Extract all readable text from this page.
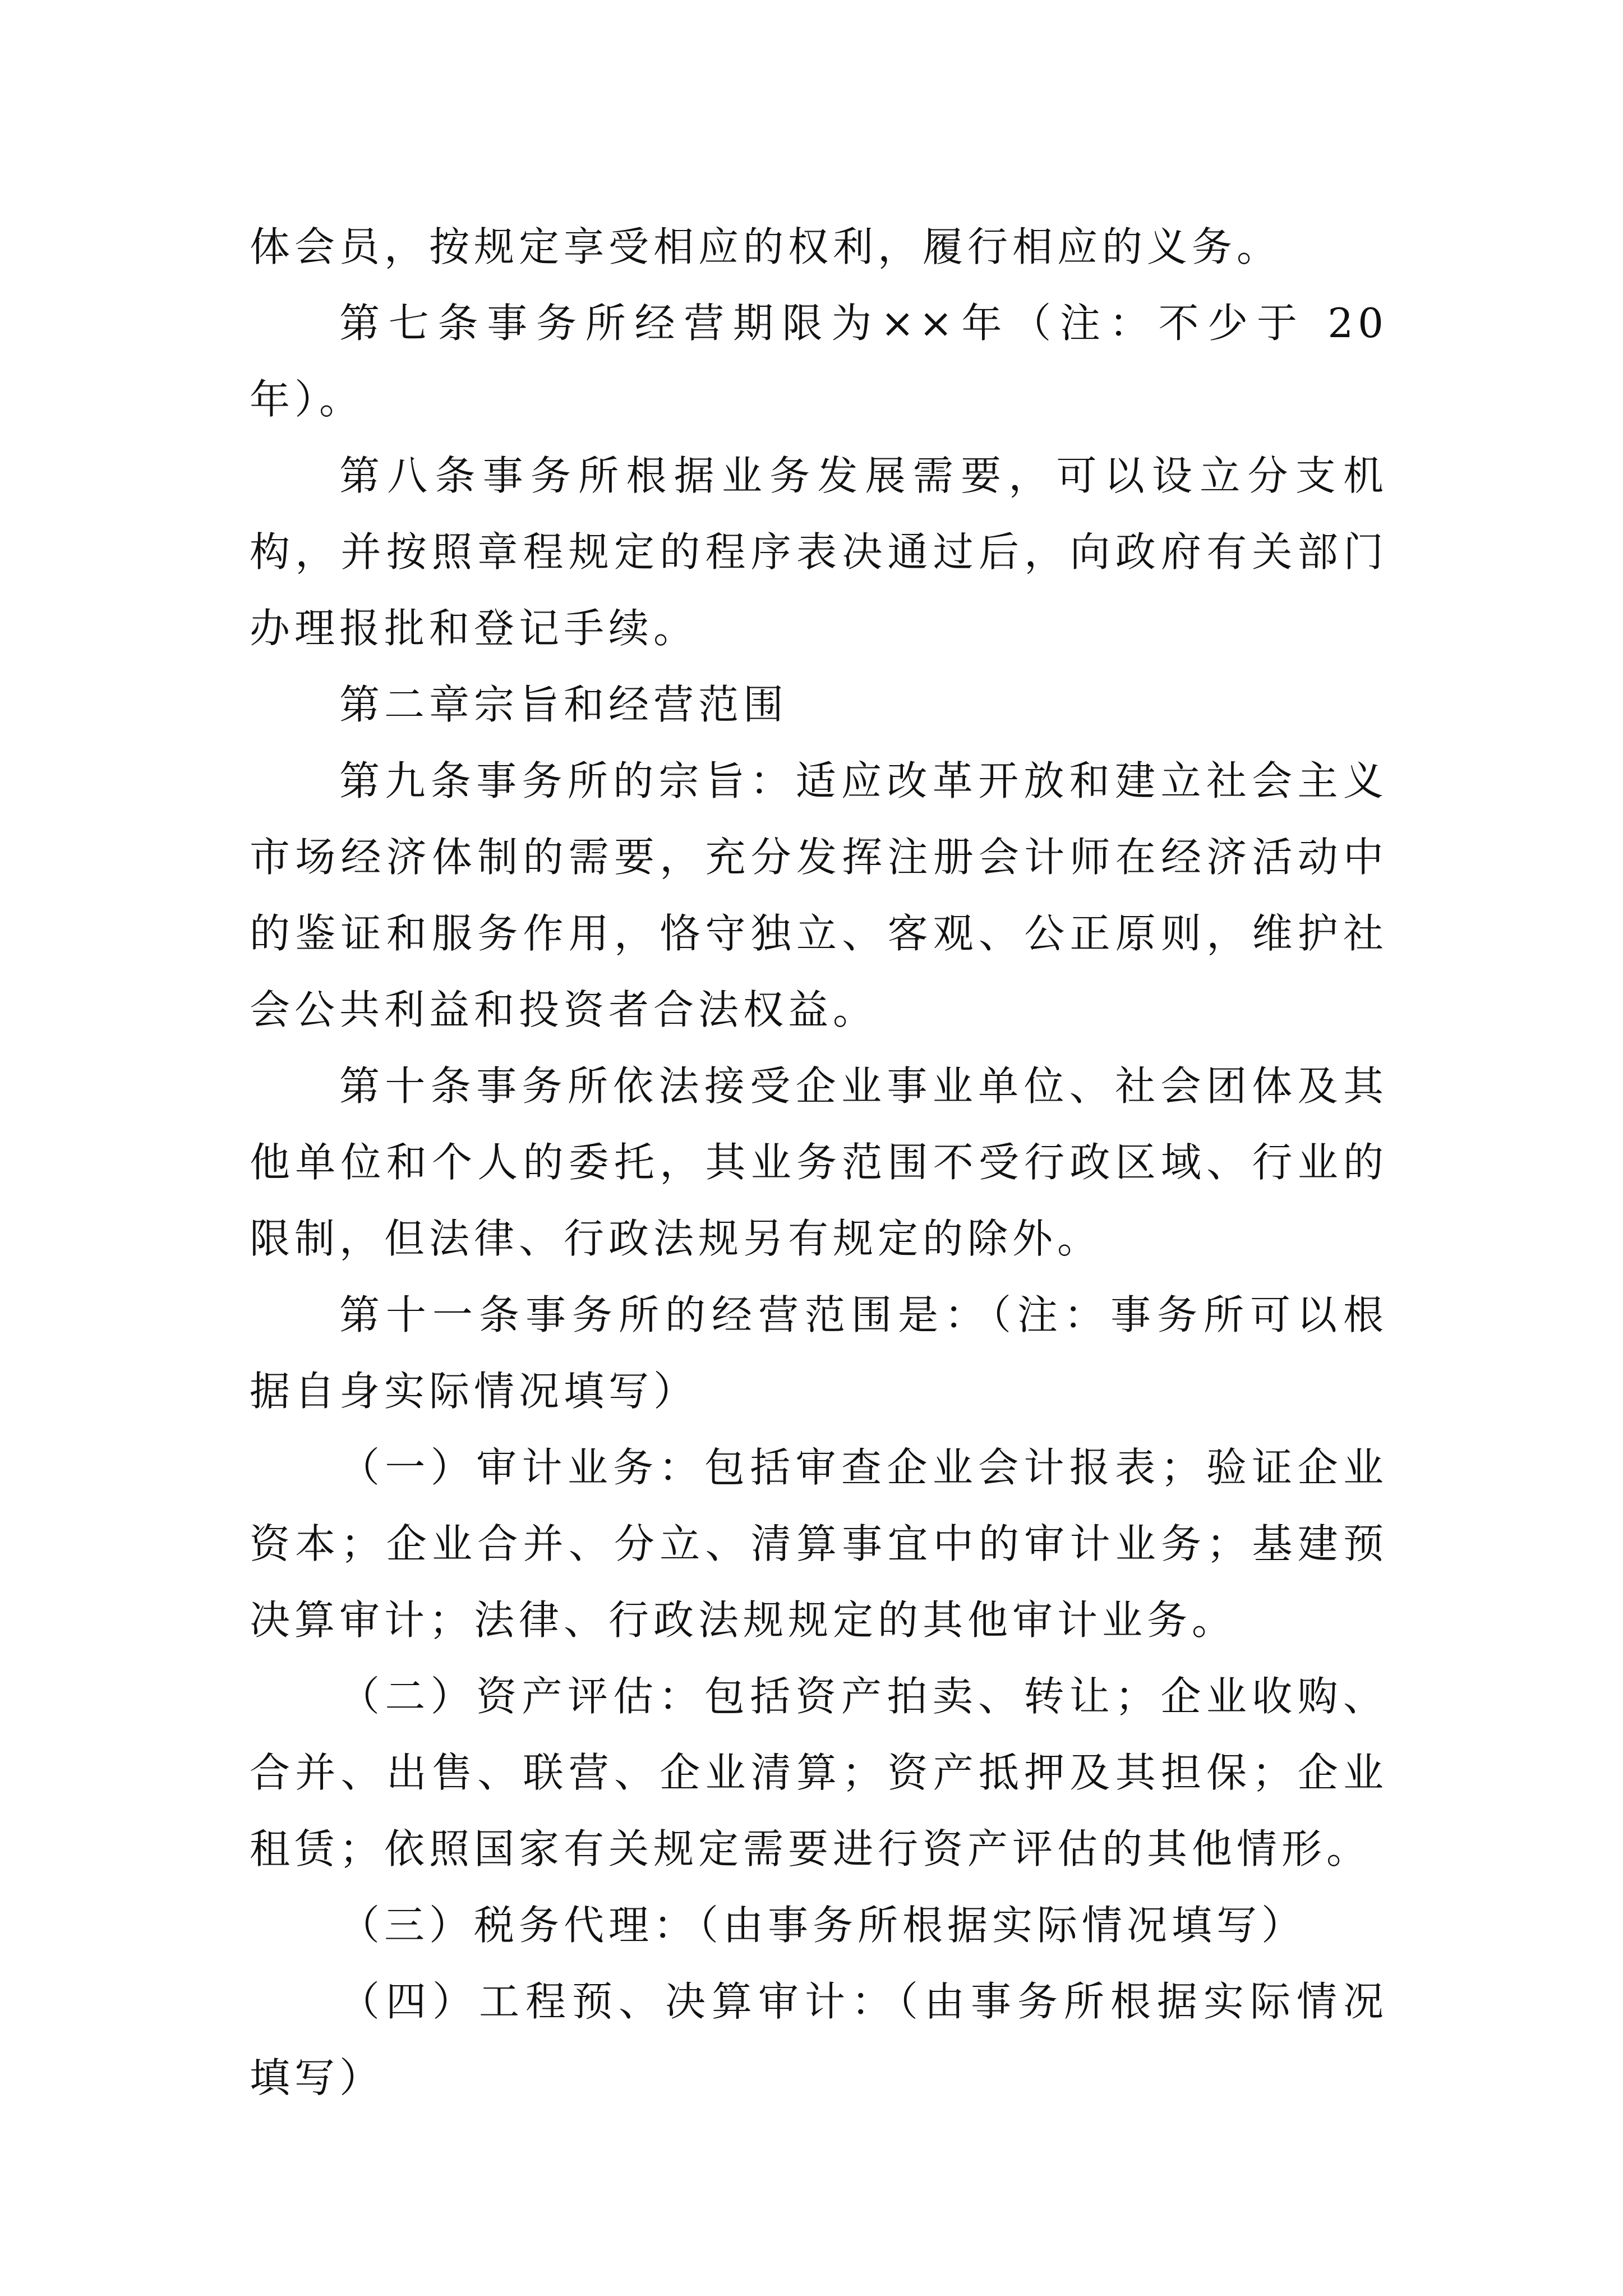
体会员，按规定享受相应的权利，履行相应的义务。

第七条事务所经营期限为××年（注：不少于 20 年）。

第八条事务所根据业务发展需要，可以设立分支机构，并按照章程规定的程序表决通过后，向政府有关部门办理报批和登记手续。

第二章宗旨和经营范围

第九条事务所的宗旨：适应改革开放和建立社会主义市场经济体制的需要，充分发挥注册会计师在经济活动中的鉴证和服务作用，恪守独立、客观、公正原则，维护社会公共利益和投资者合法权益。

第十条事务所依法接受企业事业单位、社会团体及其他单位和个人的委托，其业务范围不受行政区域、行业的限制，但法律、行政法规另有规定的除外。

第十一条事务所的经营范围是：（注：事务所可以根据自身实际情况填写）

（一）审计业务：包括审查企业会计报表；验证企业资本；企业合并、分立、清算事宜中的审计业务；基建预决算审计；法律、行政法规规定的其他审计业务。

（二）资产评估：包括资产拍卖、转让；企业收购、合并、出售、联营、企业清算；资产抵押及其担保；企业租赁；依照国家有关规定需要进行资产评估的其他情形。

（三）税务代理：（由事务所根据实际情况填写）

（四）工程预、决算审计：（由事务所根据实际情况填写）
